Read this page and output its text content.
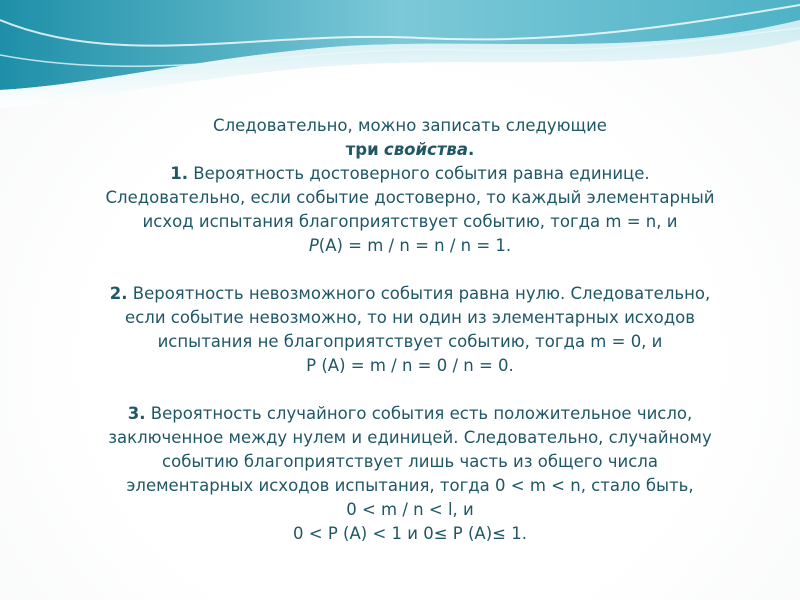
Следовательно, можно записать следующие
три свойства.
1. Вероятность достоверного события равна единице.
Следовательно, если событие достоверно, то каждый элементарный
исход испытания благоприятствует событию, тогда m = n, и
P(A) = m / n = n / n = 1.
2. Вероятность невозможного события равна нулю. Следовательно,
если событие невозможно, то ни один из элементарных исходов
испытания не благоприятствует событию, тогда m = 0, и
P (A) = m / n = 0 / n = 0.
3. Вероятность случайного события есть положительное число,
заключенное между нулем и единицей. Следовательно, случайному
событию благоприятствует лишь часть из общего числа
элементарных исходов испытания, тогда 0 < m < n, стало быть,
0 < m / n < l, и
0 < P (A) < 1 и 0≤ P (A)≤ 1.
